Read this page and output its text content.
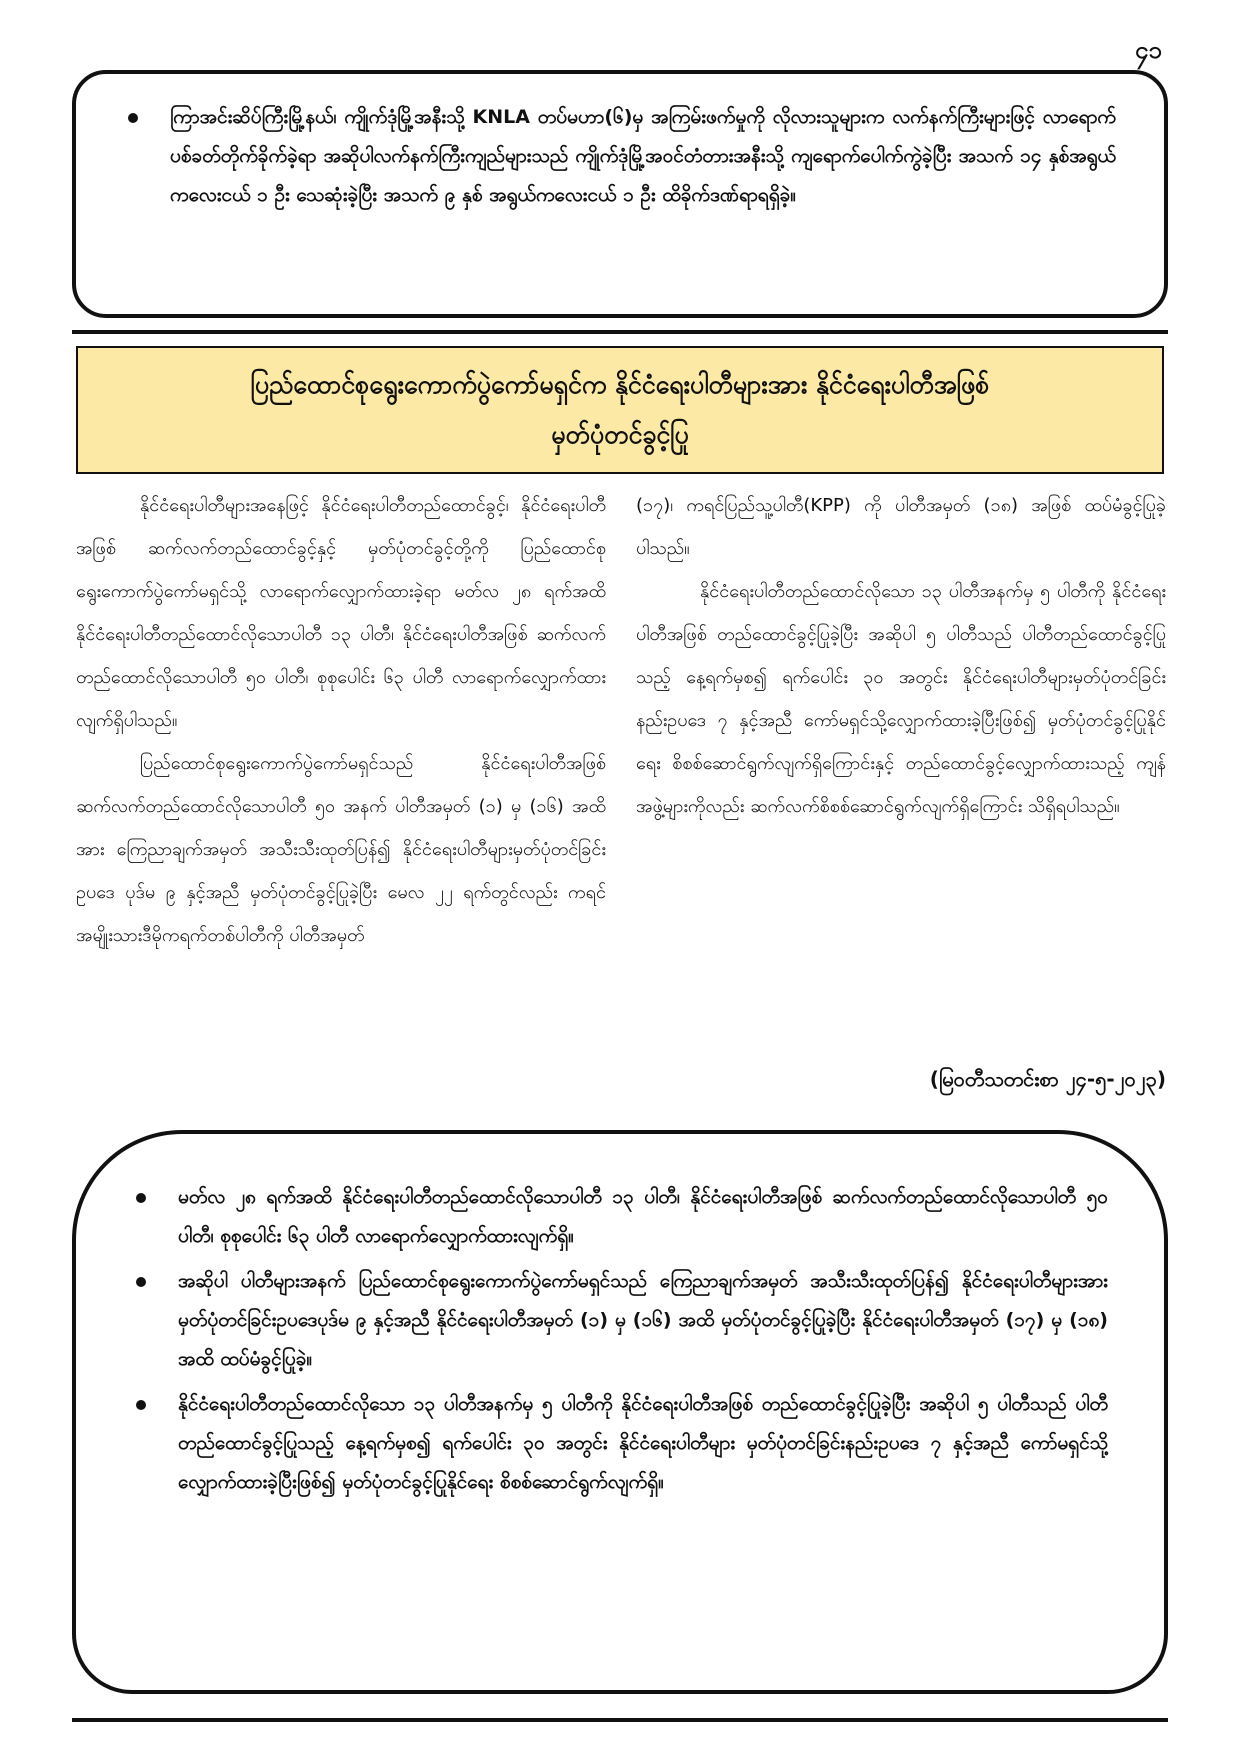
၄၁
ကြာအင်းဆိပ်ကြီးမြို့နယ်၊ ကျိုက်ဒုံမြို့အနီးသို့ KNLA တပ်မဟာ(၆)မှ အကြမ်းဖက်မှုကို လိုလားသူများက လက်နက်ကြီးများဖြင့် လာရောက်ပစ်ခတ်တိုက်ခိုက်ခဲ့ရာ အဆိုပါလက်နက်ကြီးကျည်များသည် ကျိုက်ဒုံမြို့အဝင်တံတားအနီးသို့ ကျရောက်ပေါက်ကွဲခဲ့ပြီး အသက် ၁၄ နှစ်အရွယ်ကလေးငယ် ၁ ဦး သေဆုံးခဲ့ပြီး အသက် ၉ နှစ် အရွယ်ကလေးငယ် ၁ ဦး ထိခိုက်ဒဏ်ရာရရှိခဲ့။
ပြည်ထောင်စုရွေးကောက်ပွဲကော်မရှင်က နိုင်ငံရေးပါတီများအား နိုင်ငံရေးပါတီအဖြစ်
မှတ်ပုံတင်ခွင့်ပြု

နိုင်ငံရေးပါတီများအနေဖြင့် နိုင်ငံရေးပါတီတည်ထောင်ခွင့်၊ နိုင်ငံရေးပါတီအဖြစ် ဆက်လက်တည်ထောင်ခွင့်နှင့် မှတ်ပုံတင်ခွင့်တို့ကို ပြည်ထောင်စုရွေးကောက်ပွဲကော်မရှင်သို့ လာရောက်လျှောက်ထားခဲ့ရာ မတ်လ ၂၈ ရက်အထိ နိုင်ငံရေးပါတီတည်ထောင်လိုသောပါတီ ၁၃ ပါတီ၊ နိုင်ငံရေးပါတီအဖြစ် ဆက်လက်တည်ထောင်လိုသောပါတီ ၅၀ ပါတီ၊ စုစုပေါင်း ၆၃ ပါတီ လာရောက်လျှောက်ထားလျက်ရှိပါသည်။

ပြည်ထောင်စုရွေးကောက်ပွဲကော်မရှင်သည် နိုင်ငံရေးပါတီအဖြစ် ဆက်လက်တည်ထောင်လိုသောပါတီ ၅၀ အနက် ပါတီအမှတ် (၁) မှ (၁၆) အထိအား ကြေညာချက်အမှတ် အသီးသီးထုတ်ပြန်၍ နိုင်ငံရေးပါတီများမှတ်ပုံတင်ခြင်းဥပဒေ ပုဒ်မ ၉ နှင့်အညီ မှတ်ပုံတင်ခွင့်ပြုခဲ့ပြီး မေလ ၂၂ ရက်တွင်လည်း ကရင်အမျိုးသားဒီမိုကရက်တစ်ပါတီကို ပါတီအမှတ်

(၁၇)၊ ကရင်ပြည်သူ့ပါတီ(KPP) ကို ပါတီအမှတ် (၁၈) အဖြစ် ထပ်မံခွင့်ပြုခဲ့ပါသည်။

နိုင်ငံရေးပါတီတည်ထောင်လိုသော ၁၃ ပါတီအနက်မှ ၅ ပါတီကို နိုင်ငံရေးပါတီအဖြစ် တည်ထောင်ခွင့်ပြုခဲ့ပြီး အဆိုပါ ၅ ပါတီသည် ပါတီတည်ထောင်ခွင့်ပြုသည့် နေ့ရက်မှစ၍ ရက်ပေါင်း ၃၀ အတွင်း နိုင်ငံရေးပါတီများမှတ်ပုံတင်ခြင်း နည်းဥပဒေ ၇ နှင့်အညီ ကော်မရှင်သို့လျှောက်ထားခဲ့ပြီးဖြစ်၍ မှတ်ပုံတင်ခွင့်ပြုနိုင်ရေး စိစစ်ဆောင်ရွက်လျက်ရှိကြောင်းနှင့် တည်ထောင်ခွင့်လျှောက်ထားသည့် ကျန်အဖွဲ့များကိုလည်း ဆက်လက်စိစစ်ဆောင်ရွက်လျက်ရှိကြောင်း သိရှိရပါသည်။

(မြဝတီသတင်းစာ ၂၄-၅-၂၀၂၃)
မတ်လ ၂၈ ရက်အထိ နိုင်ငံရေးပါတီတည်ထောင်လိုသောပါတီ ၁၃ ပါတီ၊ နိုင်ငံရေးပါတီအဖြစ် ဆက်လက်တည်ထောင်လိုသောပါတီ ၅၀ ပါတီ၊ စုစုပေါင်း ၆၃ ပါတီ လာရောက်လျှောက်ထားလျက်ရှိ။
အဆိုပါ ပါတီများအနက် ပြည်ထောင်စုရွေးကောက်ပွဲကော်မရှင်သည် ကြေညာချက်အမှတ် အသီးသီးထုတ်ပြန်၍ နိုင်ငံရေးပါတီများအား မှတ်ပုံတင်ခြင်းဥပဒေပုဒ်မ ၉ နှင့်အညီ နိုင်ငံရေးပါတီအမှတ် (၁) မှ (၁၆) အထိ မှတ်ပုံတင်ခွင့်ပြုခဲ့ပြီး နိုင်ငံရေးပါတီအမှတ် (၁၇) မှ (၁၈) အထိ ထပ်မံခွင့်ပြုခဲ့။
နိုင်ငံရေးပါတီတည်ထောင်လိုသော ၁၃ ပါတီအနက်မှ ၅ ပါတီကို နိုင်ငံရေးပါတီအဖြစ် တည်ထောင်ခွင့်ပြုခဲ့ပြီး အဆိုပါ ၅ ပါတီသည် ပါတီတည်ထောင်ခွင့်ပြုသည့် နေ့ရက်မှစ၍ ရက်ပေါင်း ၃၀ အတွင်း နိုင်ငံရေးပါတီများ မှတ်ပုံတင်ခြင်းနည်းဥပဒေ ၇ နှင့်အညီ ကော်မရှင်သို့လျှောက်ထားခဲ့ပြီးဖြစ်၍ မှတ်ပုံတင်ခွင့်ပြုနိုင်ရေး စိစစ်ဆောင်ရွက်လျက်ရှိ။
